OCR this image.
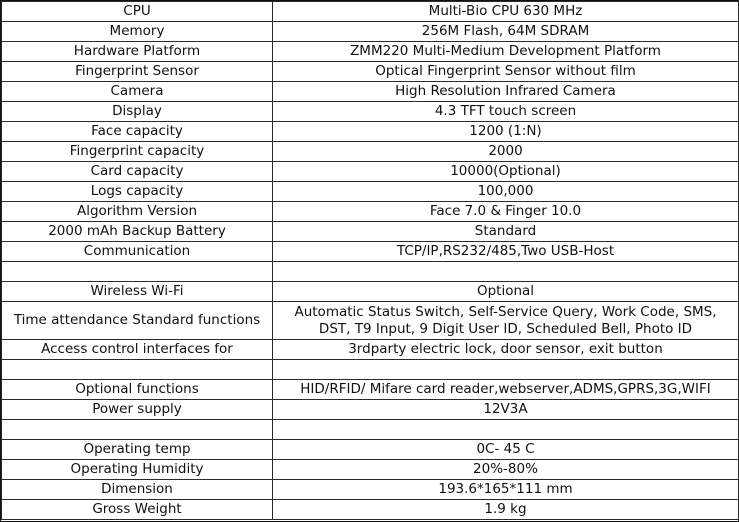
CPU	Multi-Bio CPU 630 MHz
Memory	256M Flash, 64M SDRAM
Hardware Platform	ZMM220 Multi-Medium Development Platform
Fingerprint Sensor	Optical Fingerprint Sensor without film
Camera	High Resolution Infrared Camera
Display	4.3 TFT touch screen
Face capacity	1200 (1:N)
Fingerprint capacity	2000
Card capacity	10000(Optional)
Logs capacity	100,000
Algorithm Version	Face 7.0 & Finger 10.0
2000 mAh Backup Battery	Standard
Communication	TCP/IP,RS232/485,Two USB-Host

Wireless Wi-Fi	Optional
Time attendance Standard functions	Automatic Status Switch, Self-Service Query, Work Code, SMS,
DST, T9 Input, 9 Digit User ID, Scheduled Bell, Photo ID

Access control interfaces for	3rdparty electric lock, door sensor, exit button

Optional functions	HID/RFID/ Mifare card reader,webserver,ADMS,GPRS,3G,WIFI
Power supply	12V3A

Operating temp	0C- 45 C
Operating Humidity	20%-80%
Dimension	193.6*165*111 mm
Gross Weight	1.9 kg
